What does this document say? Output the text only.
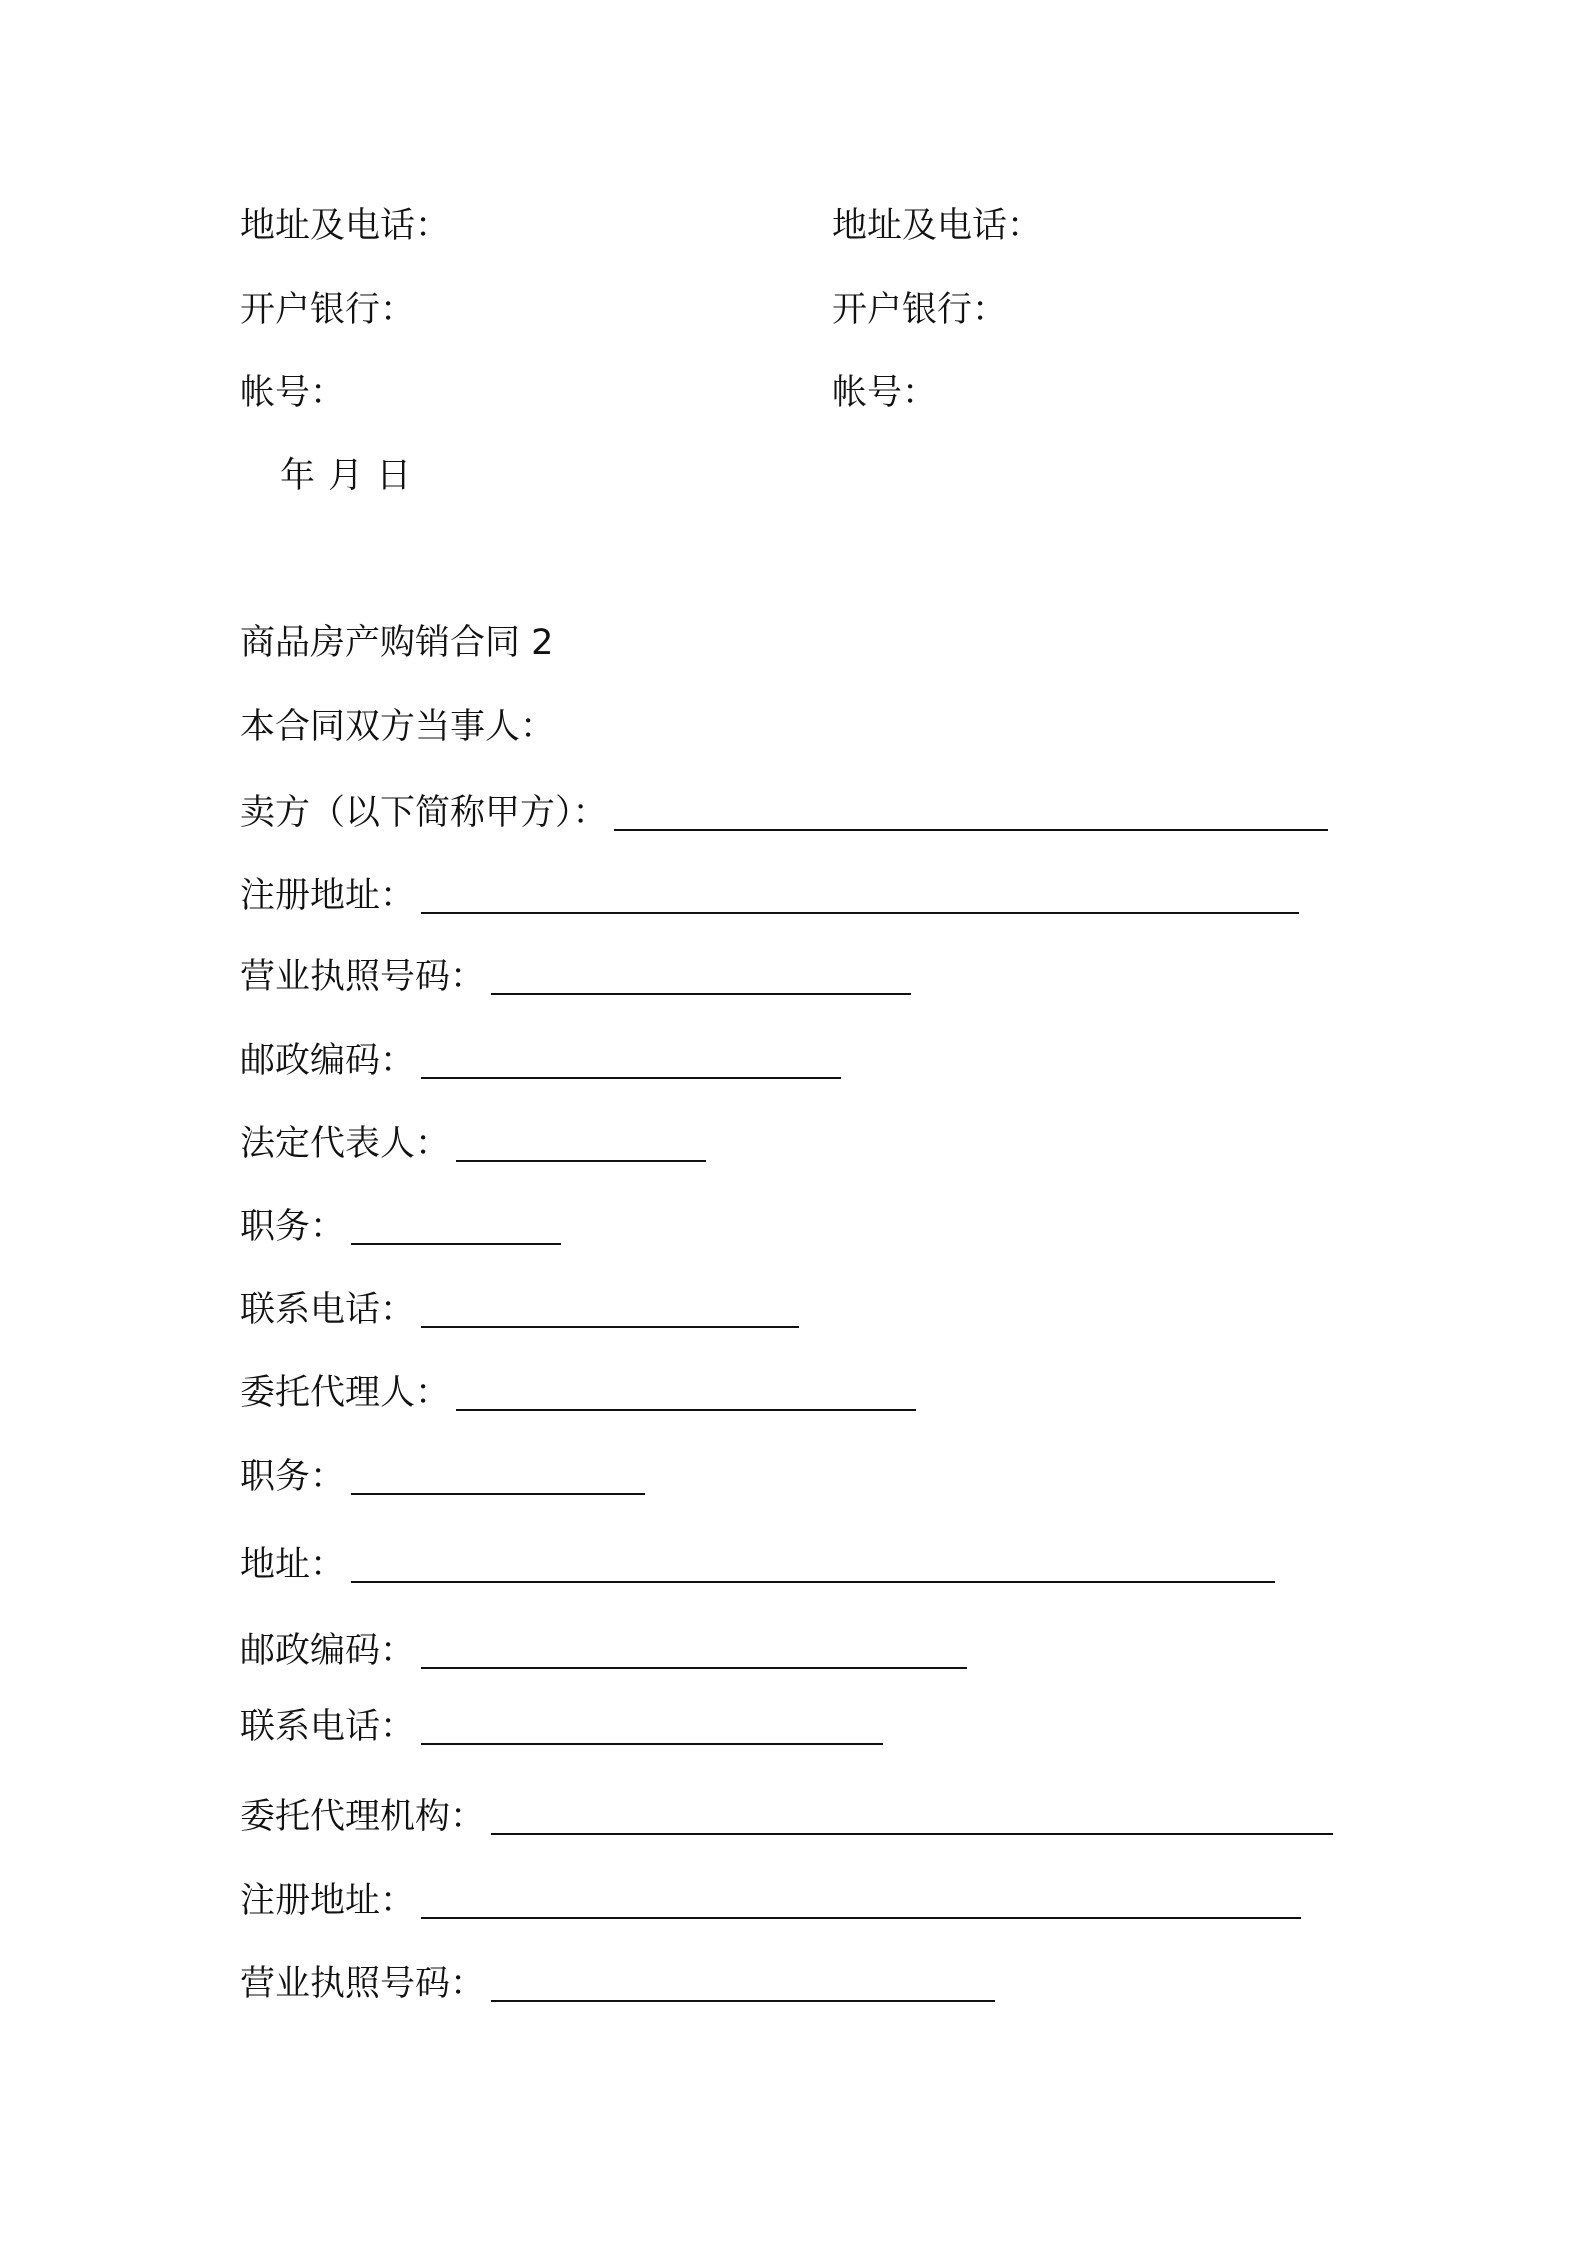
地址及电话：	地址及电话：
开户银行：	开户银行：
帐号：	帐号：
年 月 日
商品房产购销合同 2
本合同双方当事人：
卖方（以下简称甲方）：
注册地址：
营业执照号码：
邮政编码：
法定代表人：
职务：
联系电话：
委托代理人：
职务：
地址：
邮政编码：
联系电话：
委托代理机构：
注册地址：
营业执照号码：
